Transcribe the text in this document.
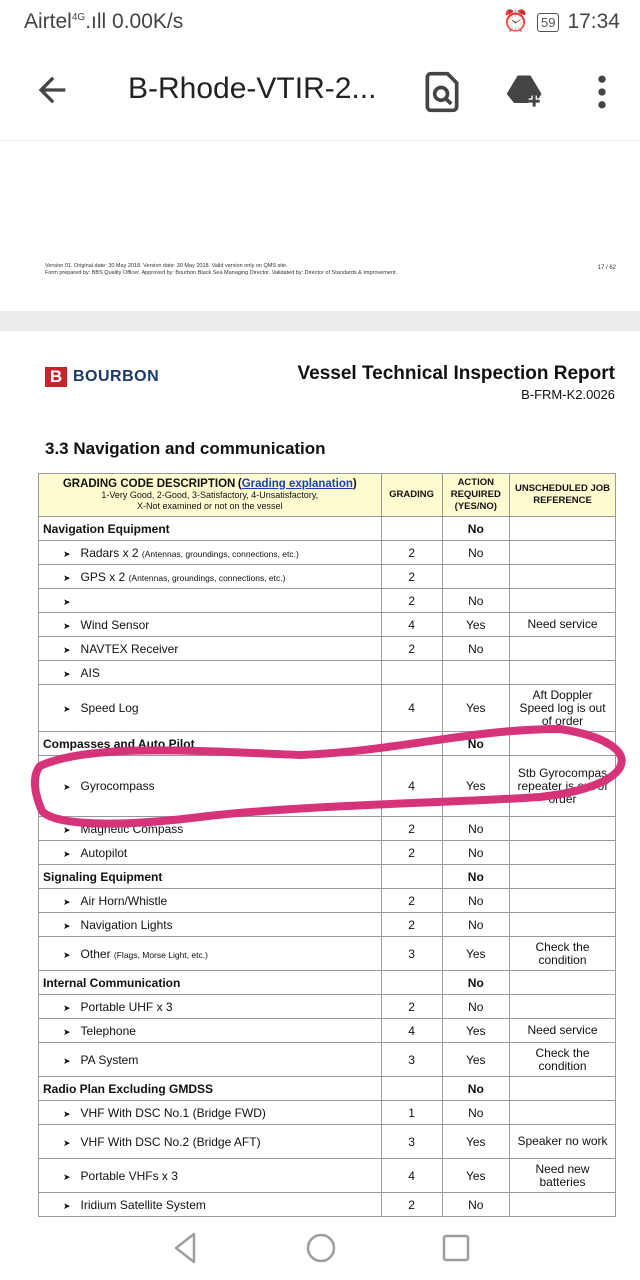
Airtel$^{4G}$.ıll 0.00K/s	⏰ 59 17:34
B-Rhode-VTIR-2...
Version 01. Original date: 30 May 2018. Version date: 30 May 2018. Valid version only on QMS site.
Form prepared by: BBS Quality Officer. Approved by: Bourbon Black Sea Managing Director. Validated by: Director of Standards & Improvement.
17 / 62
B BOURBON	Vessel Technical Inspection Report
B-FRM-K2.0026
3.3 Navigation and communication
GRADING CODE DESCRIPTION (Grading explanation)
1-Very Good, 2-Good, 3-Satisfactory, 4-Unsatisfactory,
X-Not examined or not on the vessel	GRADING	ACTION REQUIRED (YES/NO)	UNSCHEDULED JOB REFERENCE
Navigation Equipment		No	
➤ Radars x 2 (Antennas, groundings, connections, etc.)	2	No	
➤ GPS x 2 (Antennas, groundings, connections, etc.)	2		
➤	2	No	
➤ Wind Sensor	4	Yes	Need service
➤ NAVTEX Receiver	2	No	
➤ AIS			
➤ Speed Log	4	Yes	Aft Doppler Speed log is out of order
Compasses and Auto Pilot		No	
➤ Gyrocompass	4	Yes	Stb Gyrocompas repeater is out of order
➤ Magnetic Compass	2	No	
➤ Autopilot	2	No	
Signaling Equipment		No	
➤ Air Horn/Whistle	2	No	
➤ Navigation Lights	2	No	
➤ Other (Flags, Morse Light, etc.)	3	Yes	Check the condition
Internal Communication		No	
➤ Portable UHF x 3	2	No	
➤ Telephone	4	Yes	Need service
➤ PA System	3	Yes	Check the condition
Radio Plan Excluding GMDSS		No	
➤ VHF With DSC No.1 (Bridge FWD)	1	No	
➤ VHF With DSC No.2 (Bridge AFT)	3	Yes	Speaker no work
➤ Portable VHFs x 3	4	Yes	Need new batteries
➤ Iridium Satellite System	2	No	
